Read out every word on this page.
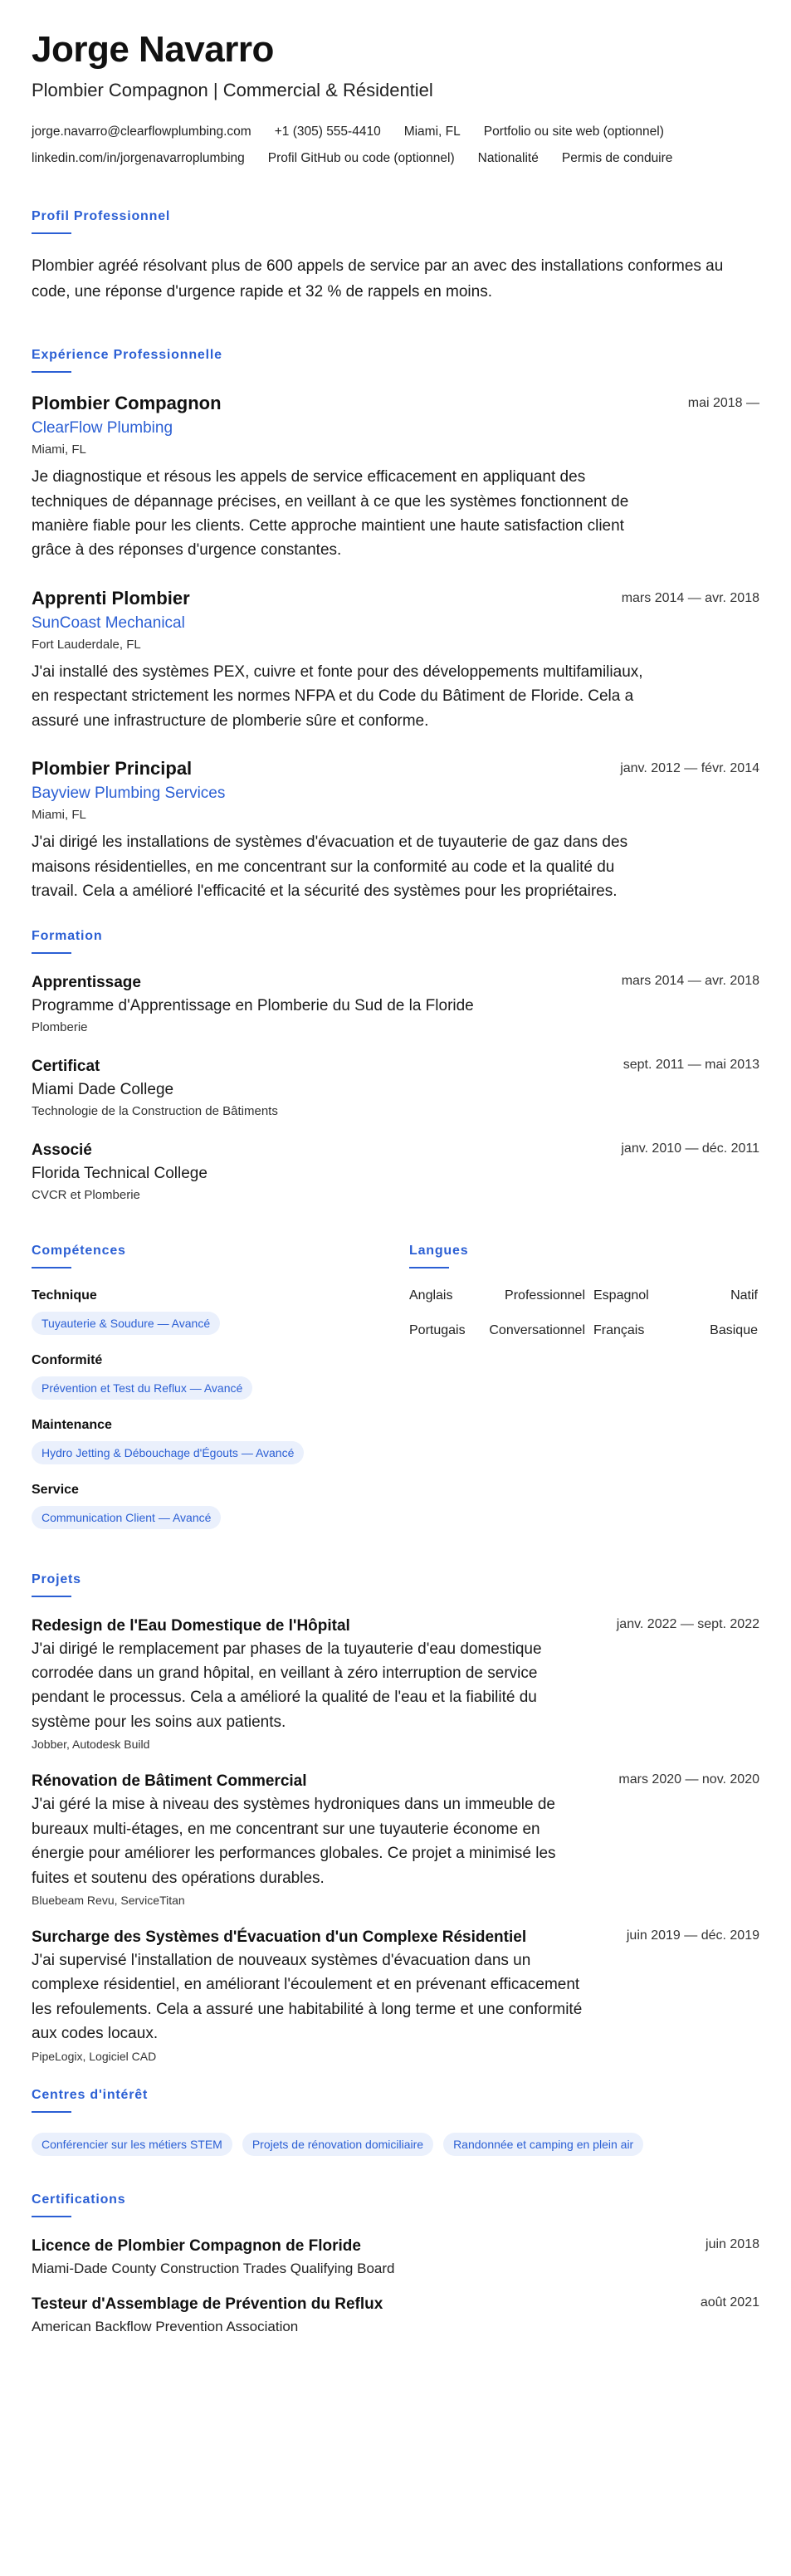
Jorge Navarro
Plombier Compagnon | Commercial & Résidentiel
jorge.navarro@clearflowplumbing.com +1 (305) 555-4410 Miami, FL Portfolio ou site web (optionnel)
linkedin.com/in/jorgenavarroplumbing Profil GitHub ou code (optionnel) Nationalité Permis de conduire
Profil Professionnel

Plombier agréé résolvant plus de 600 appels de service par an avec des installations conformes au code, une réponse d'urgence rapide et 32 % de rappels en moins.

Expérience Professionnelle
Plombier Compagnon	mai 2018 —
ClearFlow Plumbing
Miami, FL

Je diagnostique et résous les appels de service efficacement en appliquant des techniques de dépannage précises, en veillant à ce que les systèmes fonctionnent de manière fiable pour les clients. Cette approche maintient une haute satisfaction client grâce à des réponses d'urgence constantes.

Apprenti Plombier	mars 2014 — avr. 2018
SunCoast Mechanical
Fort Lauderdale, FL

J'ai installé des systèmes PEX, cuivre et fonte pour des développements multifamiliaux, en respectant strictement les normes NFPA et du Code du Bâtiment de Floride. Cela a assuré une infrastructure de plomberie sûre et conforme.

Plombier Principal	janv. 2012 — févr. 2014
Bayview Plumbing Services
Miami, FL

J'ai dirigé les installations de systèmes d'évacuation et de tuyauterie de gaz dans des maisons résidentielles, en me concentrant sur la conformité au code et la qualité du travail. Cela a amélioré l'efficacité et la sécurité des systèmes pour les propriétaires.

Formation
Apprentissage	mars 2014 — avr. 2018
Programme d'Apprentissage en Plomberie du Sud de la Floride
Plomberie
Certificat	sept. 2011 — mai 2013
Miami Dade College
Technologie de la Construction de Bâtiments
Associé	janv. 2010 — déc. 2011
Florida Technical College
CVCR et Plomberie
Compétences
Technique
Tuyauterie & Soudure — Avancé
Conformité
Prévention et Test du Reflux — Avancé
Maintenance
Hydro Jetting & Débouchage d'Égouts — Avancé
Service
Communication Client — Avancé
Langues
Anglais	Professionnel Espagnol	Natif
Portugais	Conversationnel Français	Basique
Projets
Redesign de l'Eau Domestique de l'Hôpital	janv. 2022 — sept. 2022

J'ai dirigé le remplacement par phases de la tuyauterie d'eau domestique corrodée dans un grand hôpital, en veillant à zéro interruption de service pendant le processus. Cela a amélioré la qualité de l'eau et la fiabilité du système pour les soins aux patients.

Jobber, Autodesk Build
Rénovation de Bâtiment Commercial	mars 2020 — nov. 2020

J'ai géré la mise à niveau des systèmes hydroniques dans un immeuble de bureaux multi-étages, en me concentrant sur une tuyauterie économe en énergie pour améliorer les performances globales. Ce projet a minimisé les fuites et soutenu des opérations durables.

Bluebeam Revu, ServiceTitan
Surcharge des Systèmes d'Évacuation d'un Complexe Résidentiel	juin 2019 — déc. 2019

J'ai supervisé l'installation de nouveaux systèmes d'évacuation dans un complexe résidentiel, en améliorant l'écoulement et en prévenant efficacement les refoulements. Cela a assuré une habitabilité à long terme et une conformité aux codes locaux.

PipeLogix, Logiciel CAD
Centres d'intérêt
Conférencier sur les métiers STEM	Projets de rénovation domiciliaire	Randonnée et camping en plein air
Certifications
Licence de Plombier Compagnon de Floride	juin 2018
Miami-Dade County Construction Trades Qualifying Board
Testeur d'Assemblage de Prévention du Reflux	août 2021
American Backflow Prevention Association
